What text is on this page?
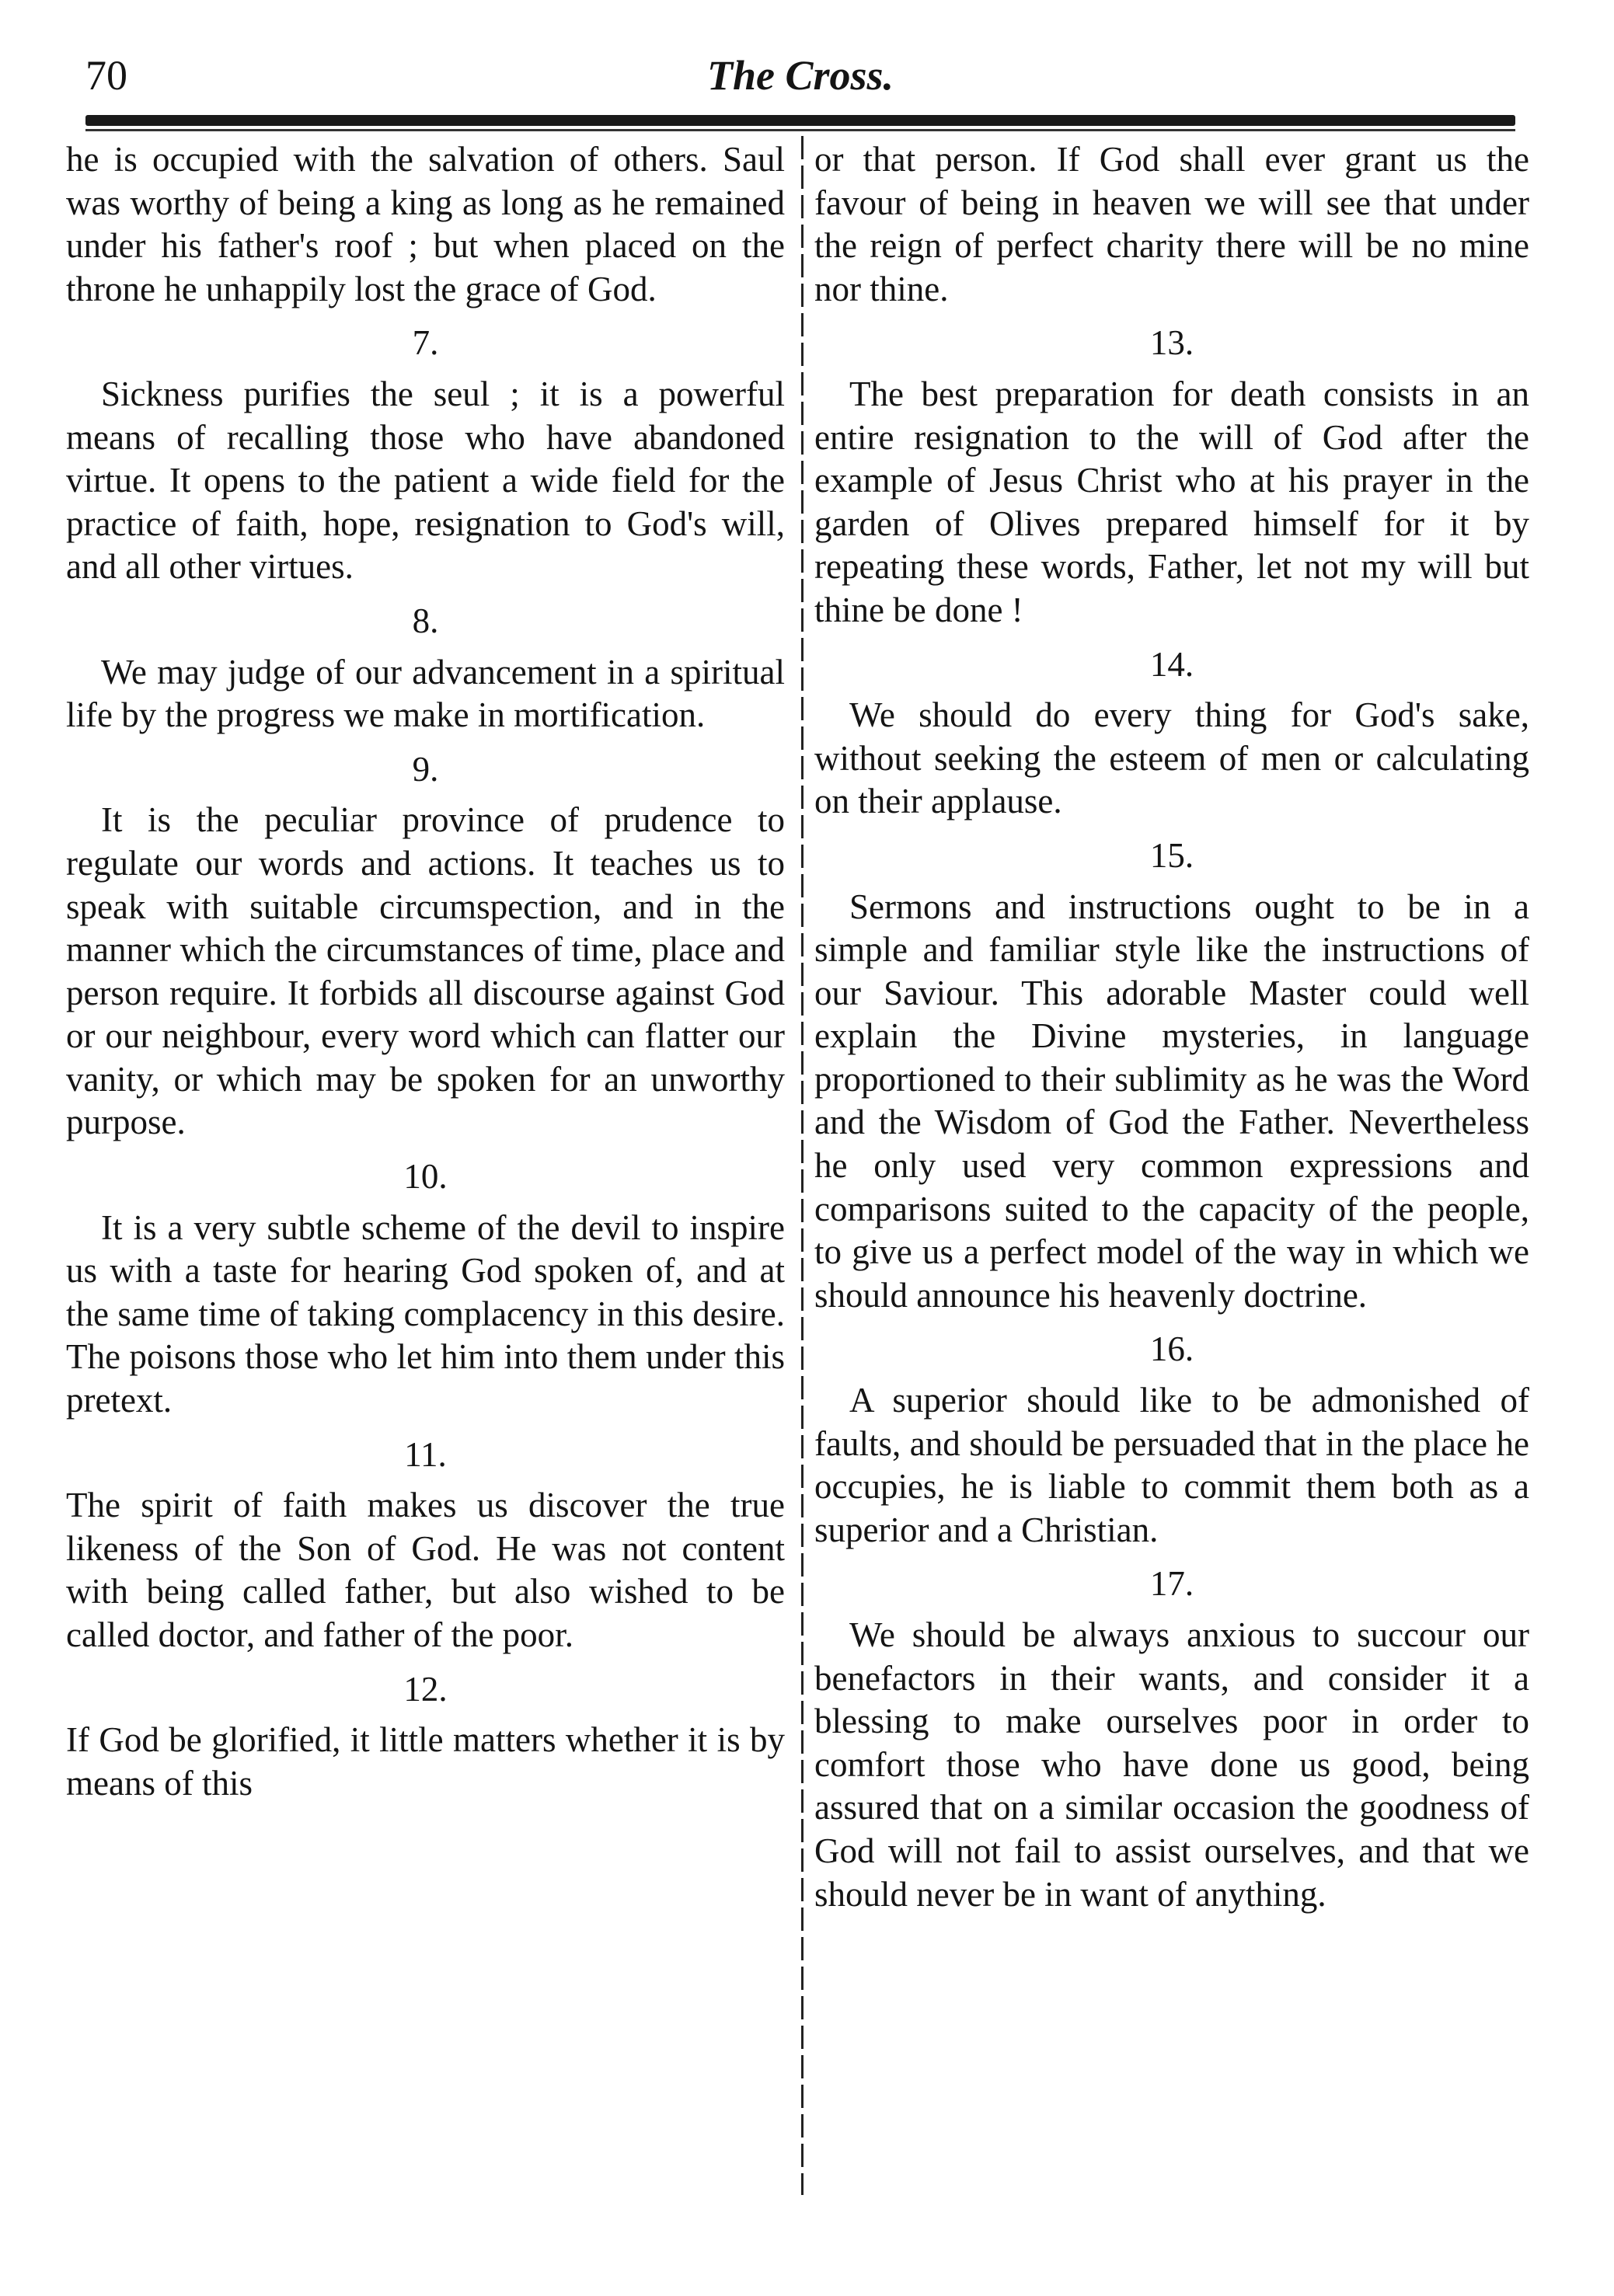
70	The Cross.

he is occupied with the salvation of others. Saul was worthy of being a king as long as he remained under his father's roof ; but when placed on the throne he unhappily lost the grace of God.

7.

Sickness purifies the seul ; it is a powerful means of recalling those who have abandoned virtue. It opens to the patient a wide field for the practice of faith, hope, resignation to God's will, and all other virtues.

8.

We may judge of our advancement in a spiritual life by the progress we make in mortification.

9.

It is the peculiar province of prudence to regulate our words and actions. It teaches us to speak with suitable circumspection, and in the manner which the circumstances of time, place and person require. It forbids all discourse against God or our neighbour, every word which can flatter our vanity, or which may be spoken for an unworthy purpose.

10.

It is a very subtle scheme of the devil to inspire us with a taste for hearing God spoken of, and at the same time of taking complacency in this desire. The poisons those who let him into them under this pretext.

11.

The spirit of faith makes us discover the true likeness of the Son of God. He was not content with being called father, but also wished to be called doctor, and father of the poor.

12.

If God be glorified, it little matters whether it is by means of this

or that person. If God shall ever grant us the favour of being in heaven we will see that under the reign of perfect charity there will be no mine nor thine.

13.

The best preparation for death consists in an entire resignation to the will of God after the example of Jesus Christ who at his prayer in the garden of Olives prepared himself for it by repeating these words, Father, let not my will but thine be done !

14.

We should do every thing for God's sake, without seeking the esteem of men or calculating on their applause.

15.

Sermons and instructions ought to be in a simple and familiar style like the instructions of our Saviour. This adorable Master could well explain the Divine mysteries, in language proportioned to their sublimity as he was the Word and the Wisdom of God the Father. Nevertheless he only used very common expressions and comparisons suited to the capacity of the people, to give us a perfect model of the way in which we should announce his heavenly doctrine.

16.

A superior should like to be admonished of faults, and should be persuaded that in the place he occupies, he is liable to commit them both as a superior and a Christian.

17.

We should be always anxious to succour our benefactors in their wants, and consider it a blessing to make ourselves poor in order to comfort those who have done us good, being assured that on a similar occasion the goodness of God will not fail to assist ourselves, and that we should never be in want of anything.
